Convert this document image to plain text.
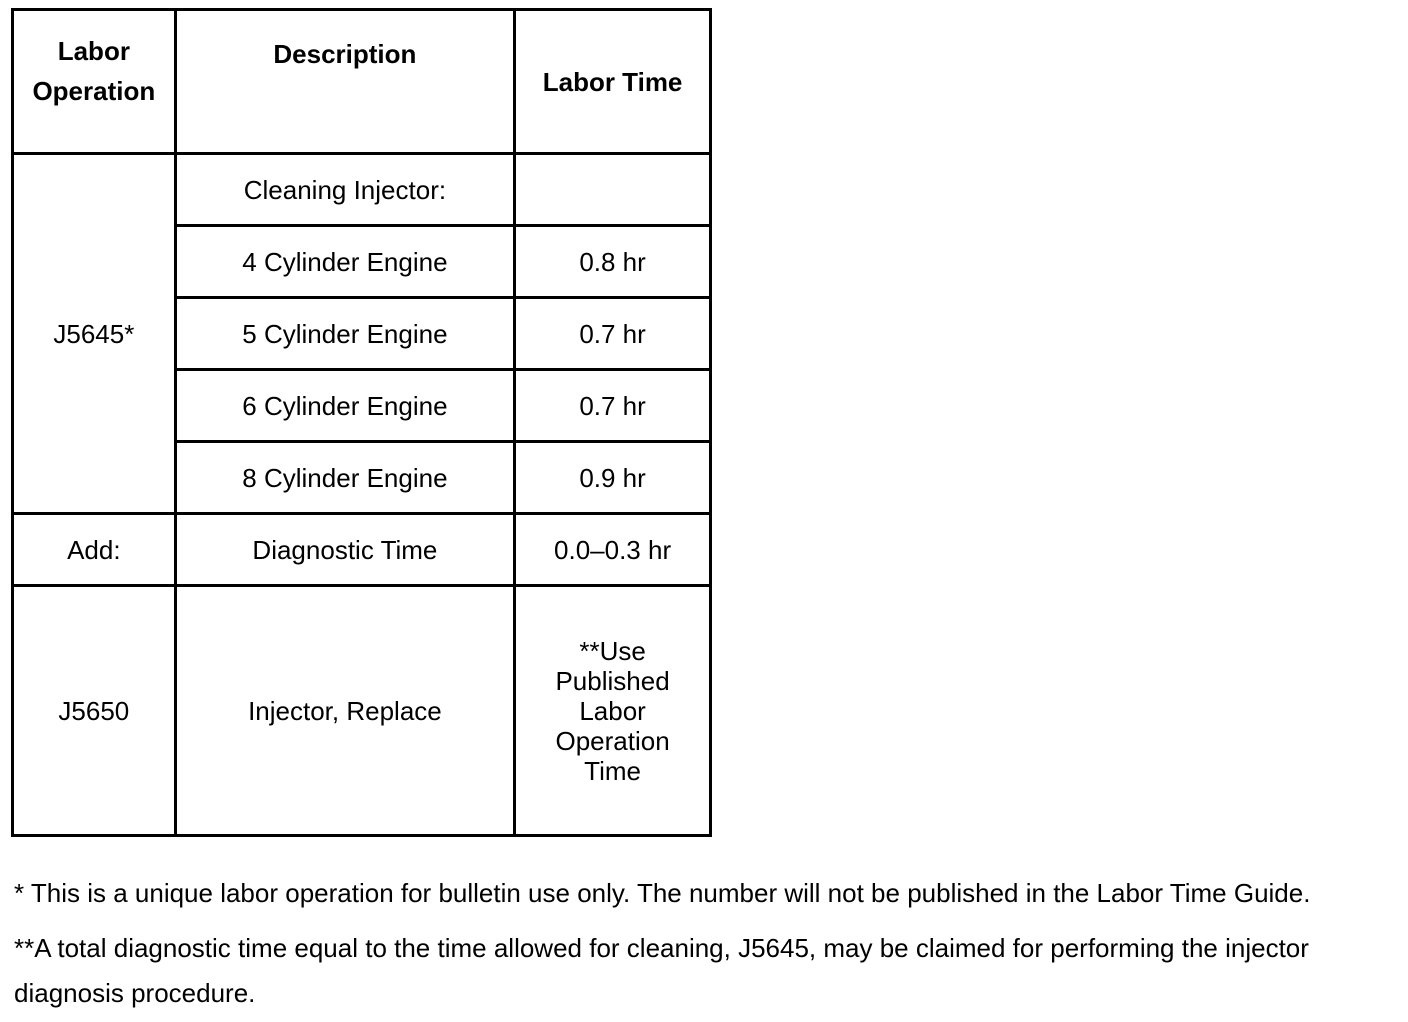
Labor
Operation	Description	Labor Time
J5645*	Cleaning Injector:	
	4 Cylinder Engine	0.8 hr
	5 Cylinder Engine	0.7 hr
	6 Cylinder Engine	0.7 hr
	8 Cylinder Engine	0.9 hr
Add:	Diagnostic Time	0.0–0.3 hr
J5650	Injector, Replace	**Use
Published
Labor
Operation
Time
* This is a unique labor operation for bulletin use only. The number will not be published in the Labor Time Guide.
**A total diagnostic time equal to the time allowed for cleaning, J5645, may be claimed for performing the injector diagnosis procedure.
